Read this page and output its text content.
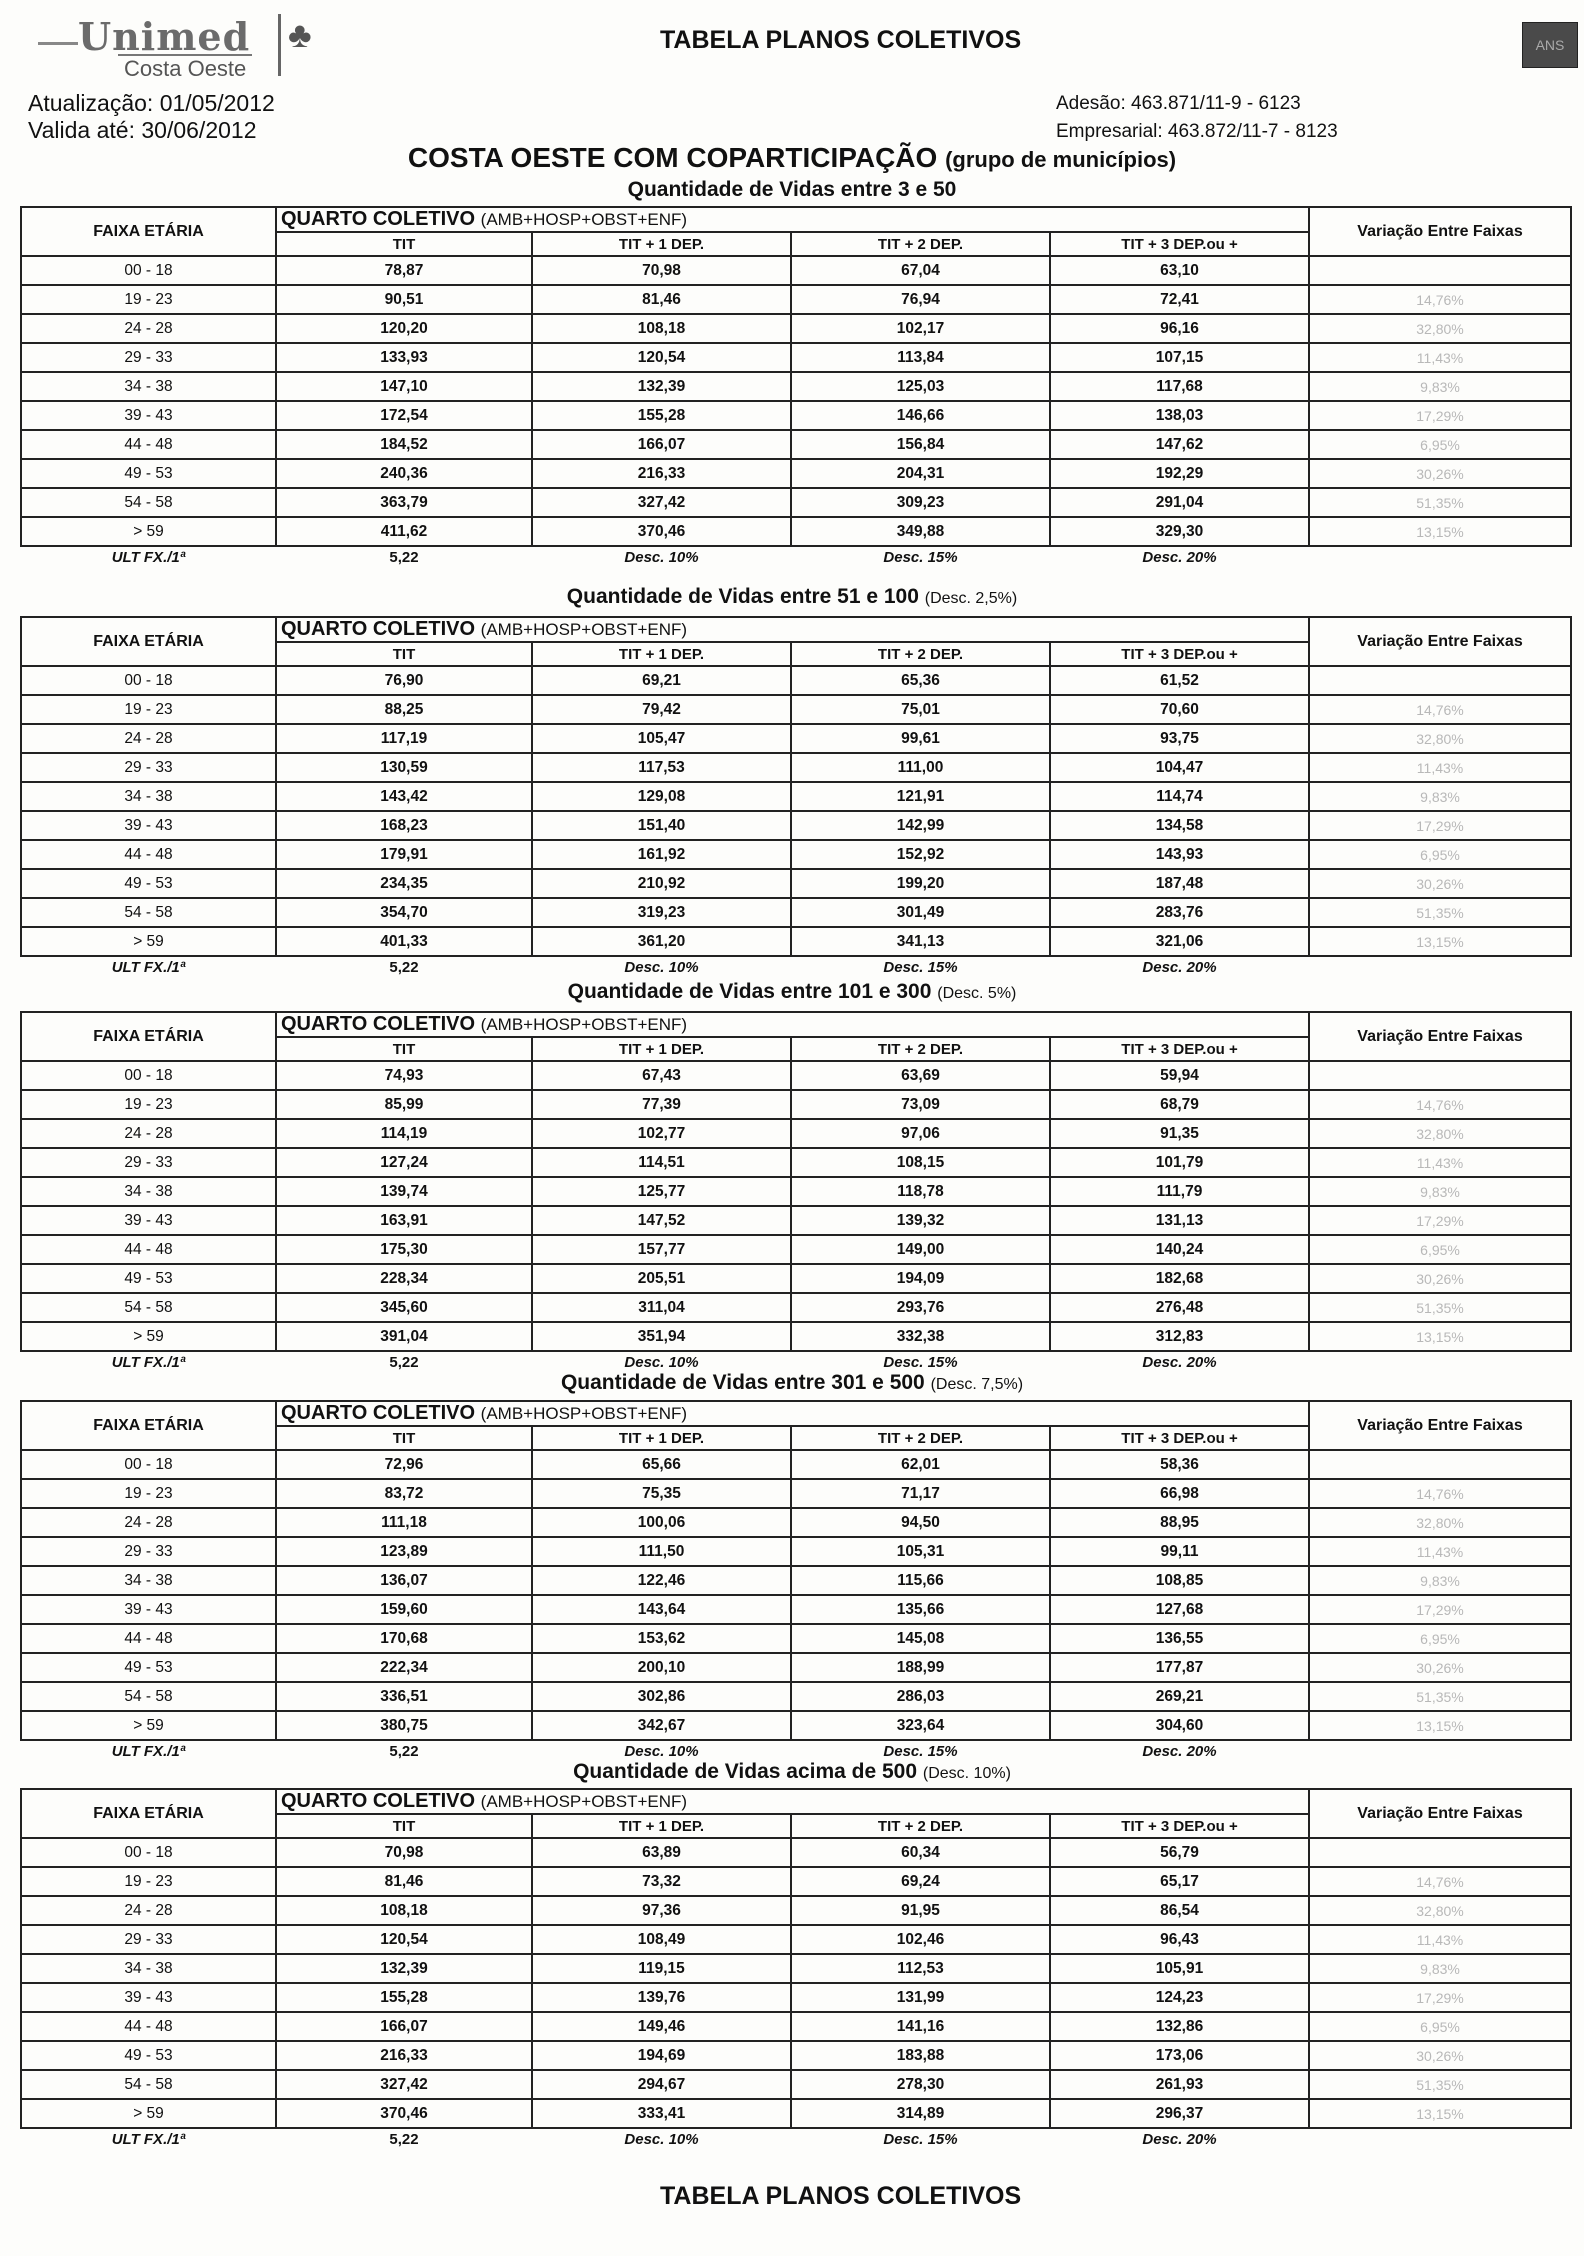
Unimed
Costa Oeste
♣	TABELA PLANOS COLETIVOS	ANS
Atualização: 01/05/2012
Valida até: 30/06/2012
Adesão: 463.871/11-9 - 6123
Empresarial: 463.872/11-7 - 8123
COSTA OESTE COM COPARTICIPAÇÃO (grupo de municípios)
Quantidade de Vidas entre 3 e 50
FAIXA ETÁRIA	QUARTO COLETIVO (AMB+HOSP+OBST+ENF)				Variação Entre Faixas
	TIT	TIT + 1 DEP.	TIT + 2 DEP.	TIT + 3 DEP.ou +	
00 - 18	78,87	70,98	67,04	63,10	
19 - 23	90,51	81,46	76,94	72,41	14,76%
24 - 28	120,20	108,18	102,17	96,16	32,80%
29 - 33	133,93	120,54	113,84	107,15	11,43%
34 - 38	147,10	132,39	125,03	117,68	9,83%
39 - 43	172,54	155,28	146,66	138,03	17,29%
44 - 48	184,52	166,07	156,84	147,62	6,95%
49 - 53	240,36	216,33	204,31	192,29	30,26%
54 - 58	363,79	327,42	309,23	291,04	51,35%
> 59	411,62	370,46	349,88	329,30	13,15%
ULT FX./1ª	5,22	Desc. 10%	Desc. 15%	Desc. 20%	
Quantidade de Vidas entre 51 e 100 (Desc. 2,5%)
FAIXA ETÁRIA	QUARTO COLETIVO (AMB+HOSP+OBST+ENF)				Variação Entre Faixas
	TIT	TIT + 1 DEP.	TIT + 2 DEP.	TIT + 3 DEP.ou +	
00 - 18	76,90	69,21	65,36	61,52	
19 - 23	88,25	79,42	75,01	70,60	14,76%
24 - 28	117,19	105,47	99,61	93,75	32,80%
29 - 33	130,59	117,53	111,00	104,47	11,43%
34 - 38	143,42	129,08	121,91	114,74	9,83%
39 - 43	168,23	151,40	142,99	134,58	17,29%
44 - 48	179,91	161,92	152,92	143,93	6,95%
49 - 53	234,35	210,92	199,20	187,48	30,26%
54 - 58	354,70	319,23	301,49	283,76	51,35%
> 59	401,33	361,20	341,13	321,06	13,15%
ULT FX./1ª	5,22	Desc. 10%	Desc. 15%	Desc. 20%	
Quantidade de Vidas entre 101 e 300 (Desc. 5%)
FAIXA ETÁRIA	QUARTO COLETIVO (AMB+HOSP+OBST+ENF)				Variação Entre Faixas
	TIT	TIT + 1 DEP.	TIT + 2 DEP.	TIT + 3 DEP.ou +	
00 - 18	74,93	67,43	63,69	59,94	
19 - 23	85,99	77,39	73,09	68,79	14,76%
24 - 28	114,19	102,77	97,06	91,35	32,80%
29 - 33	127,24	114,51	108,15	101,79	11,43%
34 - 38	139,74	125,77	118,78	111,79	9,83%
39 - 43	163,91	147,52	139,32	131,13	17,29%
44 - 48	175,30	157,77	149,00	140,24	6,95%
49 - 53	228,34	205,51	194,09	182,68	30,26%
54 - 58	345,60	311,04	293,76	276,48	51,35%
> 59	391,04	351,94	332,38	312,83	13,15%
ULT FX./1ª	5,22	Desc. 10%	Desc. 15%	Desc. 20%	
Quantidade de Vidas entre 301 e 500 (Desc. 7,5%)
FAIXA ETÁRIA	QUARTO COLETIVO (AMB+HOSP+OBST+ENF)				Variação Entre Faixas
	TIT	TIT + 1 DEP.	TIT + 2 DEP.	TIT + 3 DEP.ou +	
00 - 18	72,96	65,66	62,01	58,36	
19 - 23	83,72	75,35	71,17	66,98	14,76%
24 - 28	111,18	100,06	94,50	88,95	32,80%
29 - 33	123,89	111,50	105,31	99,11	11,43%
34 - 38	136,07	122,46	115,66	108,85	9,83%
39 - 43	159,60	143,64	135,66	127,68	17,29%
44 - 48	170,68	153,62	145,08	136,55	6,95%
49 - 53	222,34	200,10	188,99	177,87	30,26%
54 - 58	336,51	302,86	286,03	269,21	51,35%
> 59	380,75	342,67	323,64	304,60	13,15%
ULT FX./1ª	5,22	Desc. 10%	Desc. 15%	Desc. 20%	
Quantidade de Vidas acima de 500 (Desc. 10%)
FAIXA ETÁRIA	QUARTO COLETIVO (AMB+HOSP+OBST+ENF)				Variação Entre Faixas
	TIT	TIT + 1 DEP.	TIT + 2 DEP.	TIT + 3 DEP.ou +	
00 - 18	70,98	63,89	60,34	56,79	
19 - 23	81,46	73,32	69,24	65,17	14,76%
24 - 28	108,18	97,36	91,95	86,54	32,80%
29 - 33	120,54	108,49	102,46	96,43	11,43%
34 - 38	132,39	119,15	112,53	105,91	9,83%
39 - 43	155,28	139,76	131,99	124,23	17,29%
44 - 48	166,07	149,46	141,16	132,86	6,95%
49 - 53	216,33	194,69	183,88	173,06	30,26%
54 - 58	327,42	294,67	278,30	261,93	51,35%
> 59	370,46	333,41	314,89	296,37	13,15%
ULT FX./1ª	5,22	Desc. 10%	Desc. 15%	Desc. 20%	
TABELA PLANOS COLETIVOS
